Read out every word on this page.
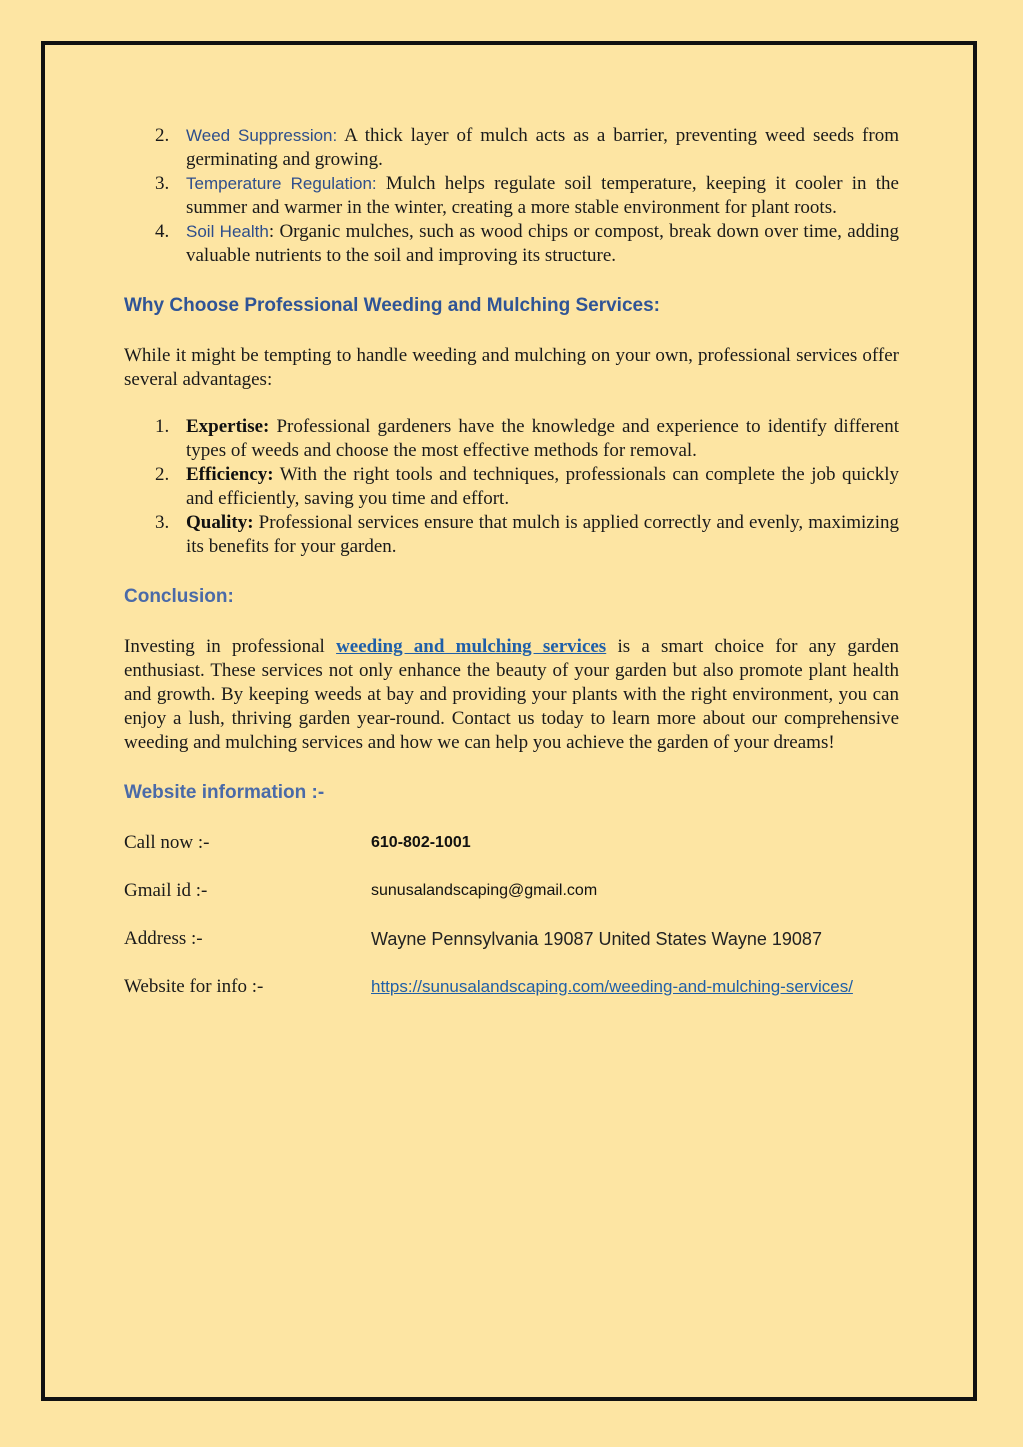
2. Weed Suppression: A thick layer of mulch acts as a barrier, preventing weed seeds from germinating and growing.
3. Temperature Regulation: Mulch helps regulate soil temperature, keeping it cooler in the summer and warmer in the winter, creating a more stable environment for plant roots.
4. Soil Health: Organic mulches, such as wood chips or compost, break down over time, adding valuable nutrients to the soil and improving its structure.
Why Choose Professional Weeding and Mulching Services:

While it might be tempting to handle weeding and mulching on your own, professional services offer several advantages:

1. Expertise: Professional gardeners have the knowledge and experience to identify different types of weeds and choose the most effective methods for removal.
2. Efficiency: With the right tools and techniques, professionals can complete the job quickly and efficiently, saving you time and effort.
3. Quality: Professional services ensure that mulch is applied correctly and evenly, maximizing its benefits for your garden.
Conclusion:

Investing in professional weeding and mulching services is a smart choice for any garden enthusiast. These services not only enhance the beauty of your garden but also promote plant health and growth. By keeping weeds at bay and providing your plants with the right environment, you can enjoy a lush, thriving garden year-round. Contact us today to learn more about our comprehensive weeding and mulching services and how we can help you achieve the garden of your dreams!

Website information :-
Call now :-	610-802-1001
Gmail id :-	sunusalandscaping@gmail.com
Address :-	Wayne Pennsylvania 19087 United States Wayne 19087
Website for info :-	https://sunusalandscaping.com/weeding-and-mulching-services/
